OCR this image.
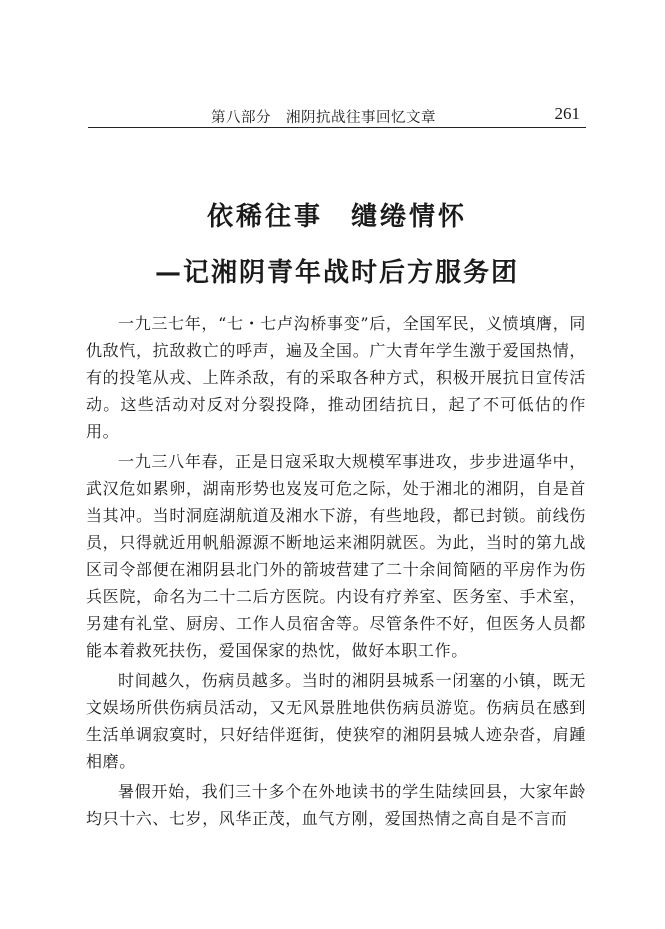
第八部分　湘阴抗战往事回忆文章	261
依稀往事 缱绻情怀
—记湘阴青年战时后方服务团

一九三七年，“七・七卢沟桥事变”后，全国军民，义愤填膺，同仇敌忾，抗敌救亡的呼声，遍及全国。广大青年学生激于爱国热情，有的投笔从戎、上阵杀敌，有的采取各种方式，积极开展抗日宣传活动。这些活动对反对分裂投降，推动团结抗日，起了不可低估的作用。

一九三八年春，正是日寇采取大规模军事进攻，步步进逼华中，武汉危如累卵，湖南形势也岌岌可危之际，处于湘北的湘阴，自是首当其冲。当时洞庭湖航道及湘水下游，有些地段，都已封锁。前线伤员，只得就近用帆船源源不断地运来湘阴就医。为此，当时的第九战区司令部便在湘阴县北门外的箭坡营建了二十余间简陋的平房作为伤兵医院，命名为二十二后方医院。内设有疗养室、医务室、手术室，另建有礼堂、厨房、工作人员宿舍等。尽管条件不好，但医务人员都能本着救死扶伤，爱国保家的热忱，做好本职工作。

时间越久，伤病员越多。当时的湘阴县城系一闭塞的小镇，既无文娱场所供伤病员活动，又无风景胜地供伤病员游览。伤病员在感到生活单调寂寞时，只好结伴逛街，使狭窄的湘阴县城人迹杂沓，肩踵相磨。

暑假开始，我们三十多个在外地读书的学生陆续回县，大家年龄均只十六、七岁，风华正茂，血气方刚，爱国热情之高自是不言而
